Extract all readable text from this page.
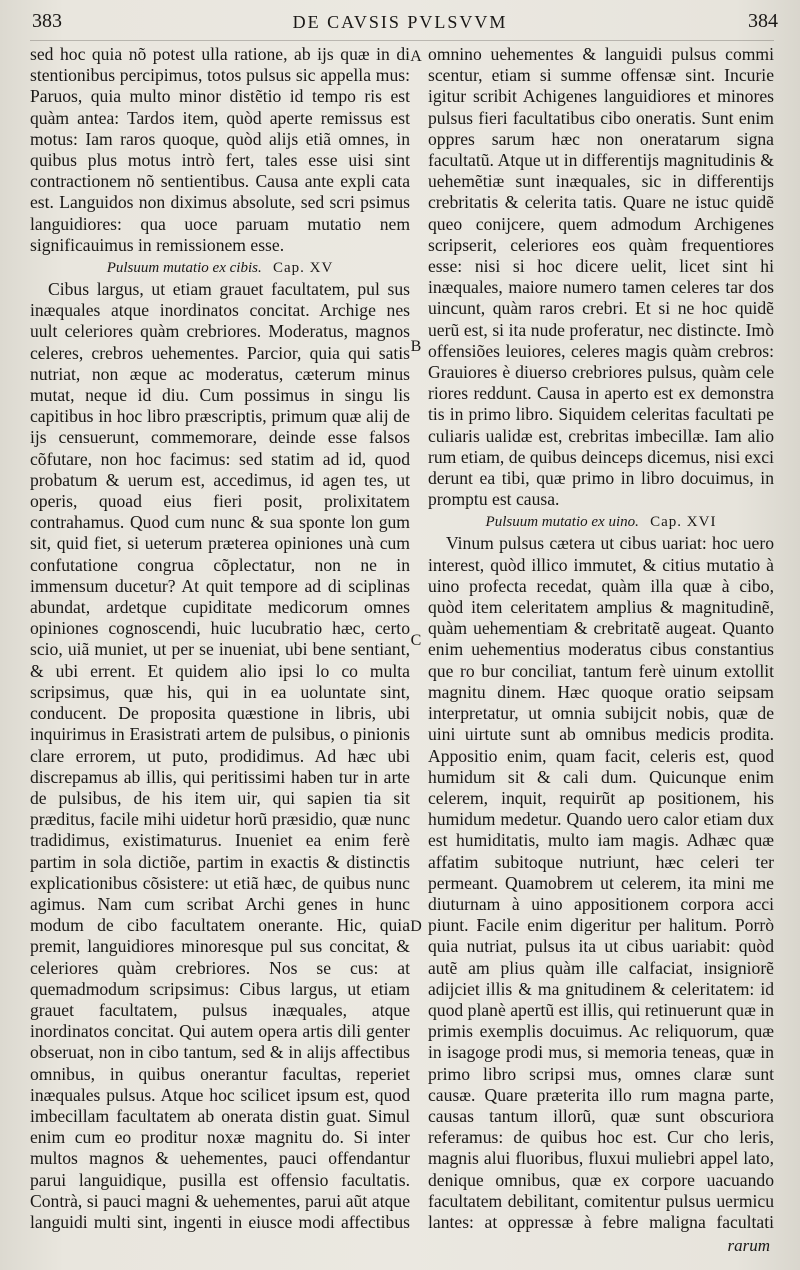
383	DE CAVSIS PVLSVVM	384

sed hoc quia nõ potest ulla ratione, ab ijs quæ in di stentionibus percipimus, totos pulsus sic appella mus: Paruos, quia multo minor distẽtio id tempo ris est quàm antea: Tardos item, quòd aperte remissus est motus: Iam raros quoque, quòd alijs etiã omnes, in quibus plus motus intrò fert, tales esse uisi sint contractionem nõ sentientibus. Causa ante expli cata est. Languidos non diximus absolute, sed scri psimus languidiores: qua uoce paruam mutatio nem significauimus in remissionem esse.

Pulsuum mutatio ex cibis. Cap. XV

Cibus largus, ut etiam grauet facultatem, pul sus inæquales atque inordinatos concitat. Archige nes uult celeriores quàm crebriores. Moderatus, magnos celeres, crebros uehementes. Parcior, quia qui satis nutriat, non æque ac moderatus, cæterum minus mutat, neque id diu. Cum possimus in singu lis capitibus in hoc libro præscriptis, primum quæ alij de ijs censuerunt, commemorare, deinde esse falsos cõfutare, non hoc facimus: sed statim ad id, quod probatum & uerum est, accedimus, id agen tes, ut operis, quoad eius fieri posit, prolixitatem contrahamus. Quod cum nunc & sua sponte lon gum sit, quid fiet, si ueterum præterea opiniones unà cum confutatione congrua cõplectatur, non ne in immensum ducetur? At quit tempore ad di sciplinas abundat, ardetque cupiditate medicorum omnes opiniones cognoscendi, huic lucubratio hæc, certo scio, uiã muniet, ut per se inueniat, ubi bene sentiant, & ubi errent. Et quidem alio ipsi lo co multa scripsimus, quæ his, qui in ea uoluntate sint, conducent. De proposita quæstione in libris, ubi inquirimus in Erasistrati artem de pulsibus, o pinionis clare errorem, ut puto, prodidimus. Ad hæc ubi discrepamus ab illis, qui peritissimi haben tur in arte de pulsibus, de his item uir, qui sapien tia sit præditus, facile mihi uidetur horũ præsidio, quæ nunc tradidimus, existimaturus. Inueniet ea enim ferè partim in sola dictiõe, partim in exactis & distinctis explicationibus cõsistere: ut etiã hæc, de quibus nunc agimus. Nam cum scribat Archi genes in hunc modum de cibo facultatem onerante. Hic, quia premit, languidiores minoresque pul sus concitat, & celeriores quàm crebriores. Nos se cus: at quemadmodum scripsimus: Cibus largus, ut etiam grauet facultatem, pulsus inæquales, atque inordinatos concitat. Qui autem opera artis dili genter obseruat, non in cibo tantum, sed & in alijs affectibus omnibus, in quibus onerantur facultas, reperiet inæquales pulsus. Atque hoc scilicet ipsum est, quod imbecillam facultatem ab onerata distin guat. Simul enim cum eo proditur noxæ magnitu do. Si inter multos magnos & uehementes, pauci offendantur parui languidique, pusilla est offensio facultatis. Contrà, si pauci magni & uehementes, parui aũt atque languidi multi sint, ingenti in eiusce modi affectibus

A
B
C
D

omnino uehementes & languidi pulsus commi scentur, etiam si summe offensæ sint. Incurie igitur scribit Achigenes languidiores et minores pulsus fieri facultatibus cibo oneratis. Sunt enim oppres sarum hæc non oneratarum signa facultatũ. Atque ut in differentijs magnitudinis & uehemẽtiæ sunt inæquales, sic in differentijs crebritatis & celerita tatis. Quare ne istuc quidẽ queo conijcere, quem admodum Archigenes scripserit, celeriores eos quàm frequentiores esse: nisi si hoc dicere uelit, licet sint hi inæquales, maiore numero tamen celeres tar dos uincunt, quàm raros crebri. Et si ne hoc quidẽ uerũ est, si ita nude proferatur, nec distincte. Imò offensiões leuiores, celeres magis quàm crebros: Grauiores è diuerso crebriores pulsus, quàm cele riores reddunt. Causa in aperto est ex demonstra tis in primo libro. Siquidem celeritas facultati pe culiaris ualidæ est, crebritas imbecillæ. Iam alio rum etiam, de quibus deinceps dicemus, nisi exci derunt ea tibi, quæ primo in libro docuimus, in promptu est causa.

Pulsuum mutatio ex uino. Cap. XVI

Vinum pulsus cætera ut cibus uariat: hoc uero interest, quòd illico immutet, & citius mutatio à uino profecta recedat, quàm illa quæ à cibo, quòd item celeritatem amplius & magnitudinẽ, quàm uehementiam & crebritatẽ augeat. Quanto enim uehementius moderatus cibus constantius que ro bur conciliat, tantum ferè uinum extollit magnitu dinem. Hæc quoque oratio seipsam interpretatur, ut omnia subijcit nobis, quæ de uini uirtute sunt ab omnibus medicis prodita. Appositio enim, quam facit, celeris est, quod humidum sit & cali dum. Quicunque enim celerem, inquit, requirũt ap positionem, his humidum medetur. Quando uero calor etiam dux est humiditatis, multo iam magis. Adhæc quæ affatim subitoque nutriunt, hæc celeri ter permeant. Quamobrem ut celerem, ita mini me diuturnam à uino appositionem corpora acci piunt. Facile enim digeritur per halitum. Porrò quia nutriat, pulsus ita ut cibus uariabit: quòd autẽ am plius quàm ille calfaciat, insigniorẽ adijciet illis & ma gnitudinem & celeritatem: id quod planè apertũ est illis, qui retinuerunt quæ in primis exemplis docuimus. Ac reliquorum, quæ in isagoge prodi mus, si memoria teneas, quæ in primo libro scripsi mus, omnes claræ sunt causæ. Quare præterita illo rum magna parte, causas tantum illorũ, quæ sunt obscuriora referamus: de quibus hoc est. Cur cho leris, magnis alui fluoribus, fluxui muliebri appel lato, denique omnibus, quæ ex corpore uacuando facultatem debilitant, comitentur pulsus uermicu lantes: at oppressæ à febre maligna facultati

rarum
